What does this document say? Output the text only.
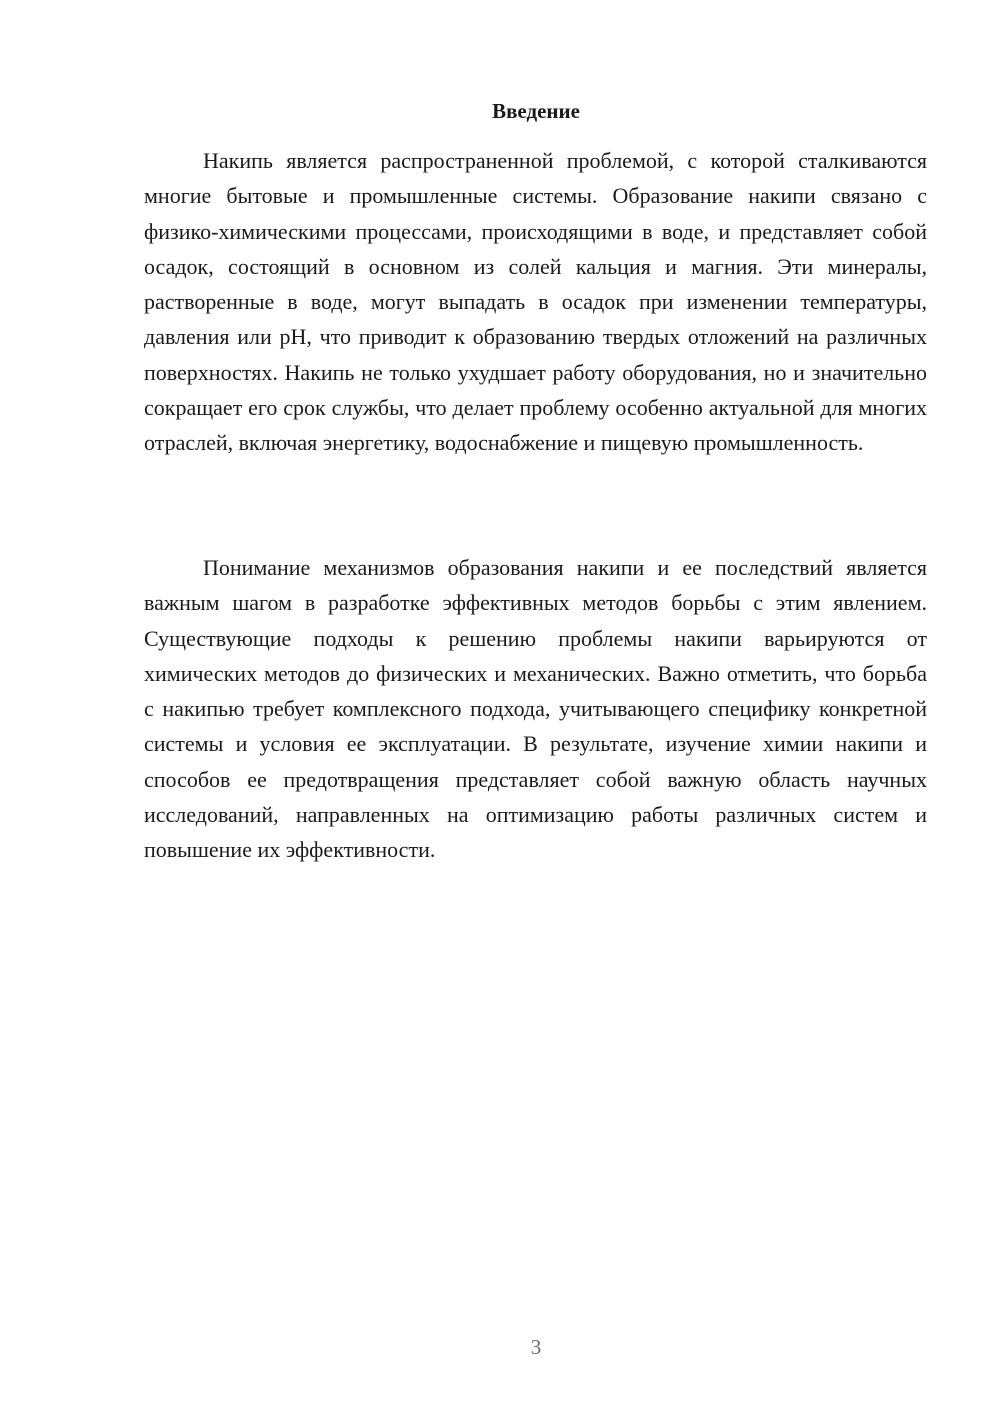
Введение

Накипь является распространенной проблемой, с которой сталкиваются многие бытовые и промышленные системы. Образование накипи связано с физико-химическими процессами, происходящими в воде, и представляет собой осадок, состоящий в основном из солей кальция и магния. Эти минералы, растворенные в воде, могут выпадать в осадок при изменении температуры, давления или pH, что приводит к образованию твердых отложений на различных поверхностях. Накипь не только ухудшает работу оборудования, но и значительно сокращает его срок службы, что делает проблему особенно актуальной для многих отраслей, включая энергетику, водоснабжение и пищевую промышленность.

Понимание механизмов образования накипи и ее последствий является важным шагом в разработке эффективных методов борьбы с этим явлением. Существующие подходы к решению проблемы накипи варьируются от химических методов до физических и механических. Важно отметить, что борьба с накипью требует комплексного подхода, учитывающего специфику конкретной системы и условия ее эксплуатации. В результате, изучение химии накипи и способов ее предотвращения представляет собой важную область научных исследований, направленных на оптимизацию работы различных систем и повышение их эффективности.

3
